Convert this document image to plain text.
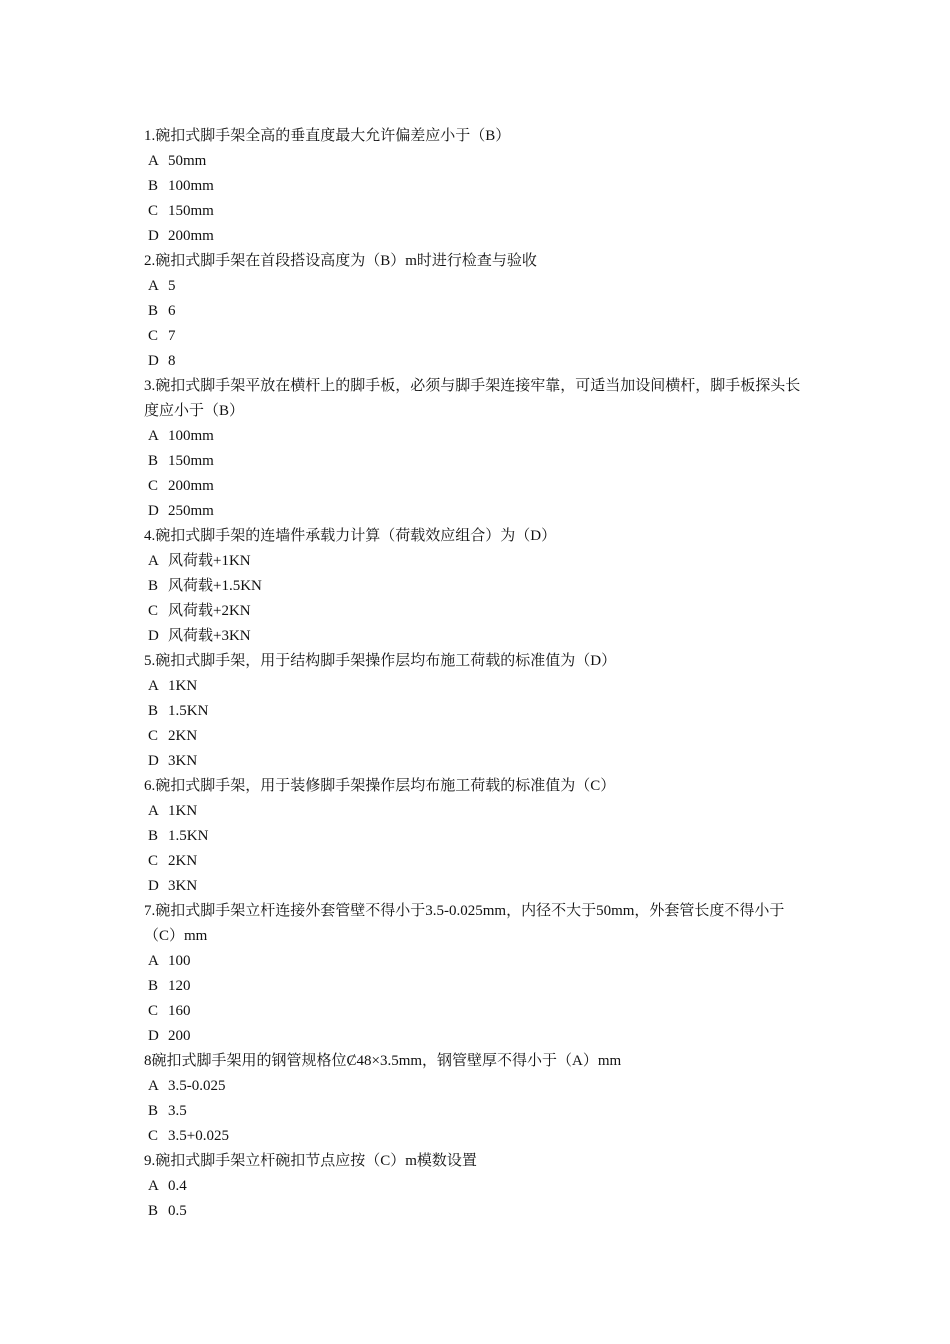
1.碗扣式脚手架全高的垂直度最大允许偏差应小于（B）
A 50mm
B 100mm
C 150mm
D 200mm
2.碗扣式脚手架在首段搭设高度为（B）m时进行检查与验收
A 5
B 6
C 7
D 8
3.碗扣式脚手架平放在横杆上的脚手板，必须与脚手架连接牢靠，可适当加设间横杆，脚手板探头长度应小于（B）
A 100mm
B 150mm
C 200mm
D 250mm
4.碗扣式脚手架的连墙件承载力计算（荷载效应组合）为（D）
A 风荷载+1KN
B 风荷载+1.5KN
C 风荷载+2KN
D 风荷载+3KN
5.碗扣式脚手架，用于结构脚手架操作层均布施工荷载的标准值为（D）
A 1KN
B 1.5KN
C 2KN
D 3KN
6.碗扣式脚手架，用于装修脚手架操作层均布施工荷载的标准值为（C）
A 1KN
B 1.5KN
C 2KN
D 3KN
7.碗扣式脚手架立杆连接外套管壁不得小于3.5-0.025mm，内径不大于50mm，外套管长度不得小于（C）mm
A 100
B 120
C 160
D 200
8碗扣式脚手架用的钢管规格位Ȼ48×3.5mm，钢管壁厚不得小于（A）mm
A 3.5-0.025
B 3.5
C 3.5+0.025
9.碗扣式脚手架立杆碗扣节点应按（C）m模数设置
A 0.4
B 0.5
